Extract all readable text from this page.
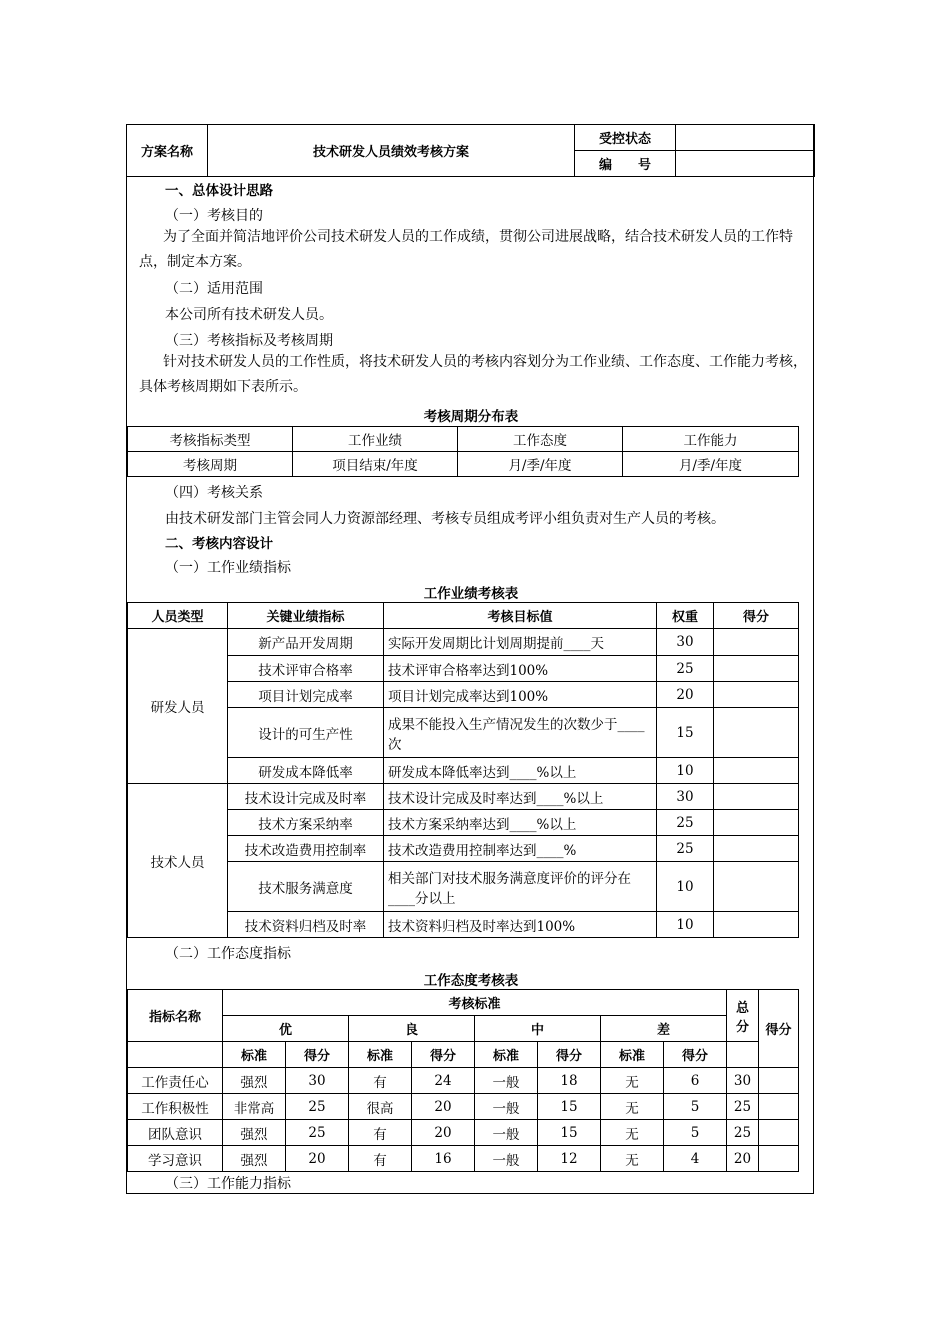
方案名称	技术研发人员绩效考核方案	受控状态	
		编　　号	
一、总体设计思路
（一）考核目的
为了全面并简洁地评价公司技术研发人员的工作成绩，贯彻公司进展战略，结合技术研发人员的工作特点，制定本方案。
（二）适用范围
本公司所有技术研发人员。
（三）考核指标及考核周期
针对技术研发人员的工作性质，将技术研发人员的考核内容划分为工作业绩、工作态度、工作能力考核，具体考核周期如下表所示。
考核周期分布表
考核指标类型	工作业绩	工作态度	工作能力
考核周期	项目结束/年度	月/季/年度	月/季/年度
（四）考核关系
由技术研发部门主管会同人力资源部经理、考核专员组成考评小组负责对生产人员的考核。
二、考核内容设计
（一）工作业绩指标
工作业绩考核表
人员类型	关键业绩指标	考核目标值	权重	得分
研发人员	新产品开发周期	实际开发周期比计划周期提前____天	30	
	技术评审合格率	技术评审合格率达到100%	25	
	项目计划完成率	项目计划完成率达到100%	20	
	设计的可生产性	成果不能投入生产情况发生的次数少于____次	15	
	研发成本降低率	研发成本降低率达到____%以上	10	
技术人员	技术设计完成及时率	技术设计完成及时率达到____%以上	30	
	技术方案采纳率	技术方案采纳率达到____%以上	25	
	技术改造费用控制率	技术改造费用控制率达到____%	25	
	技术服务满意度	相关部门对技术服务满意度评价的评分在____分以上	10	
	技术资料归档及时率	技术资料归档及时率达到100%	10	
（二）工作态度指标
工作态度考核表
指标名称	考核标准								总分	得分
	优		良		中		差			
	标准	得分	标准	得分	标准	得分	标准	得分		
工作责任心	强烈	30	有	24	一般	18	无	6	30	
工作积极性	非常高	25	很高	20	一般	15	无	5	25	
团队意识	强烈	25	有	20	一般	15	无	5	25	
学习意识	强烈	20	有	16	一般	12	无	4	20	
（三）工作能力指标
